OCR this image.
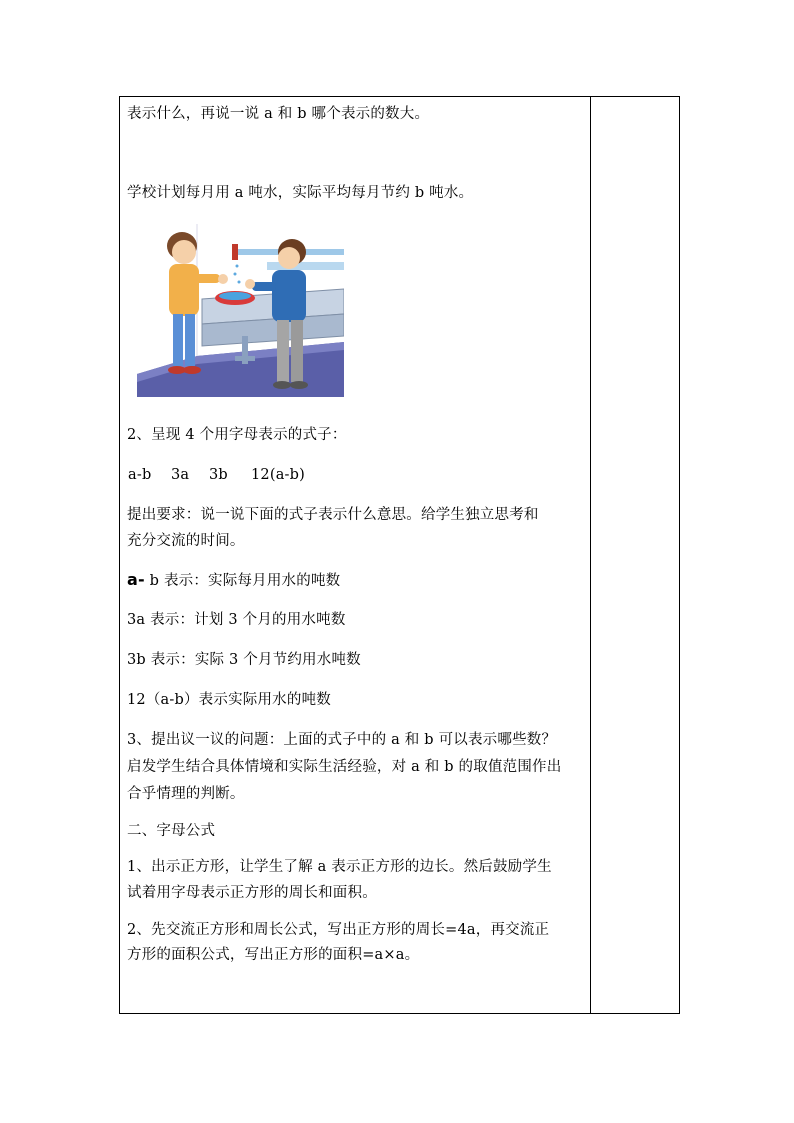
表示什么，再说一说 a 和 b 哪个表示的数大。
学校计划每月用 a 吨水，实际平均每月节约 b 吨水。
2、呈现 4 个用字母表示的式子：
a-b 3a 3b 12(a-b)
提出要求：说一说下面的式子表示什么意思。给学生独立思考和
充分交流的时间。
a- b 表示：实际每月用水的吨数
3a 表示：计划 3 个月的用水吨数
3b 表示：实际 3 个月节约用水吨数
12（a-b）表示实际用水的吨数
3、提出议一议的问题：上面的式子中的 a 和 b 可以表示哪些数？
启发学生结合具体情境和实际生活经验，对 a 和 b 的取值范围作出
合乎情理的判断。
二、字母公式
1、出示正方形，让学生了解 a 表示正方形的边长。然后鼓励学生
试着用字母表示正方形的周长和面积。
2、先交流正方形和周长公式，写出正方形的周长=4a，再交流正
方形的面积公式，写出正方形的面积=a×a。
